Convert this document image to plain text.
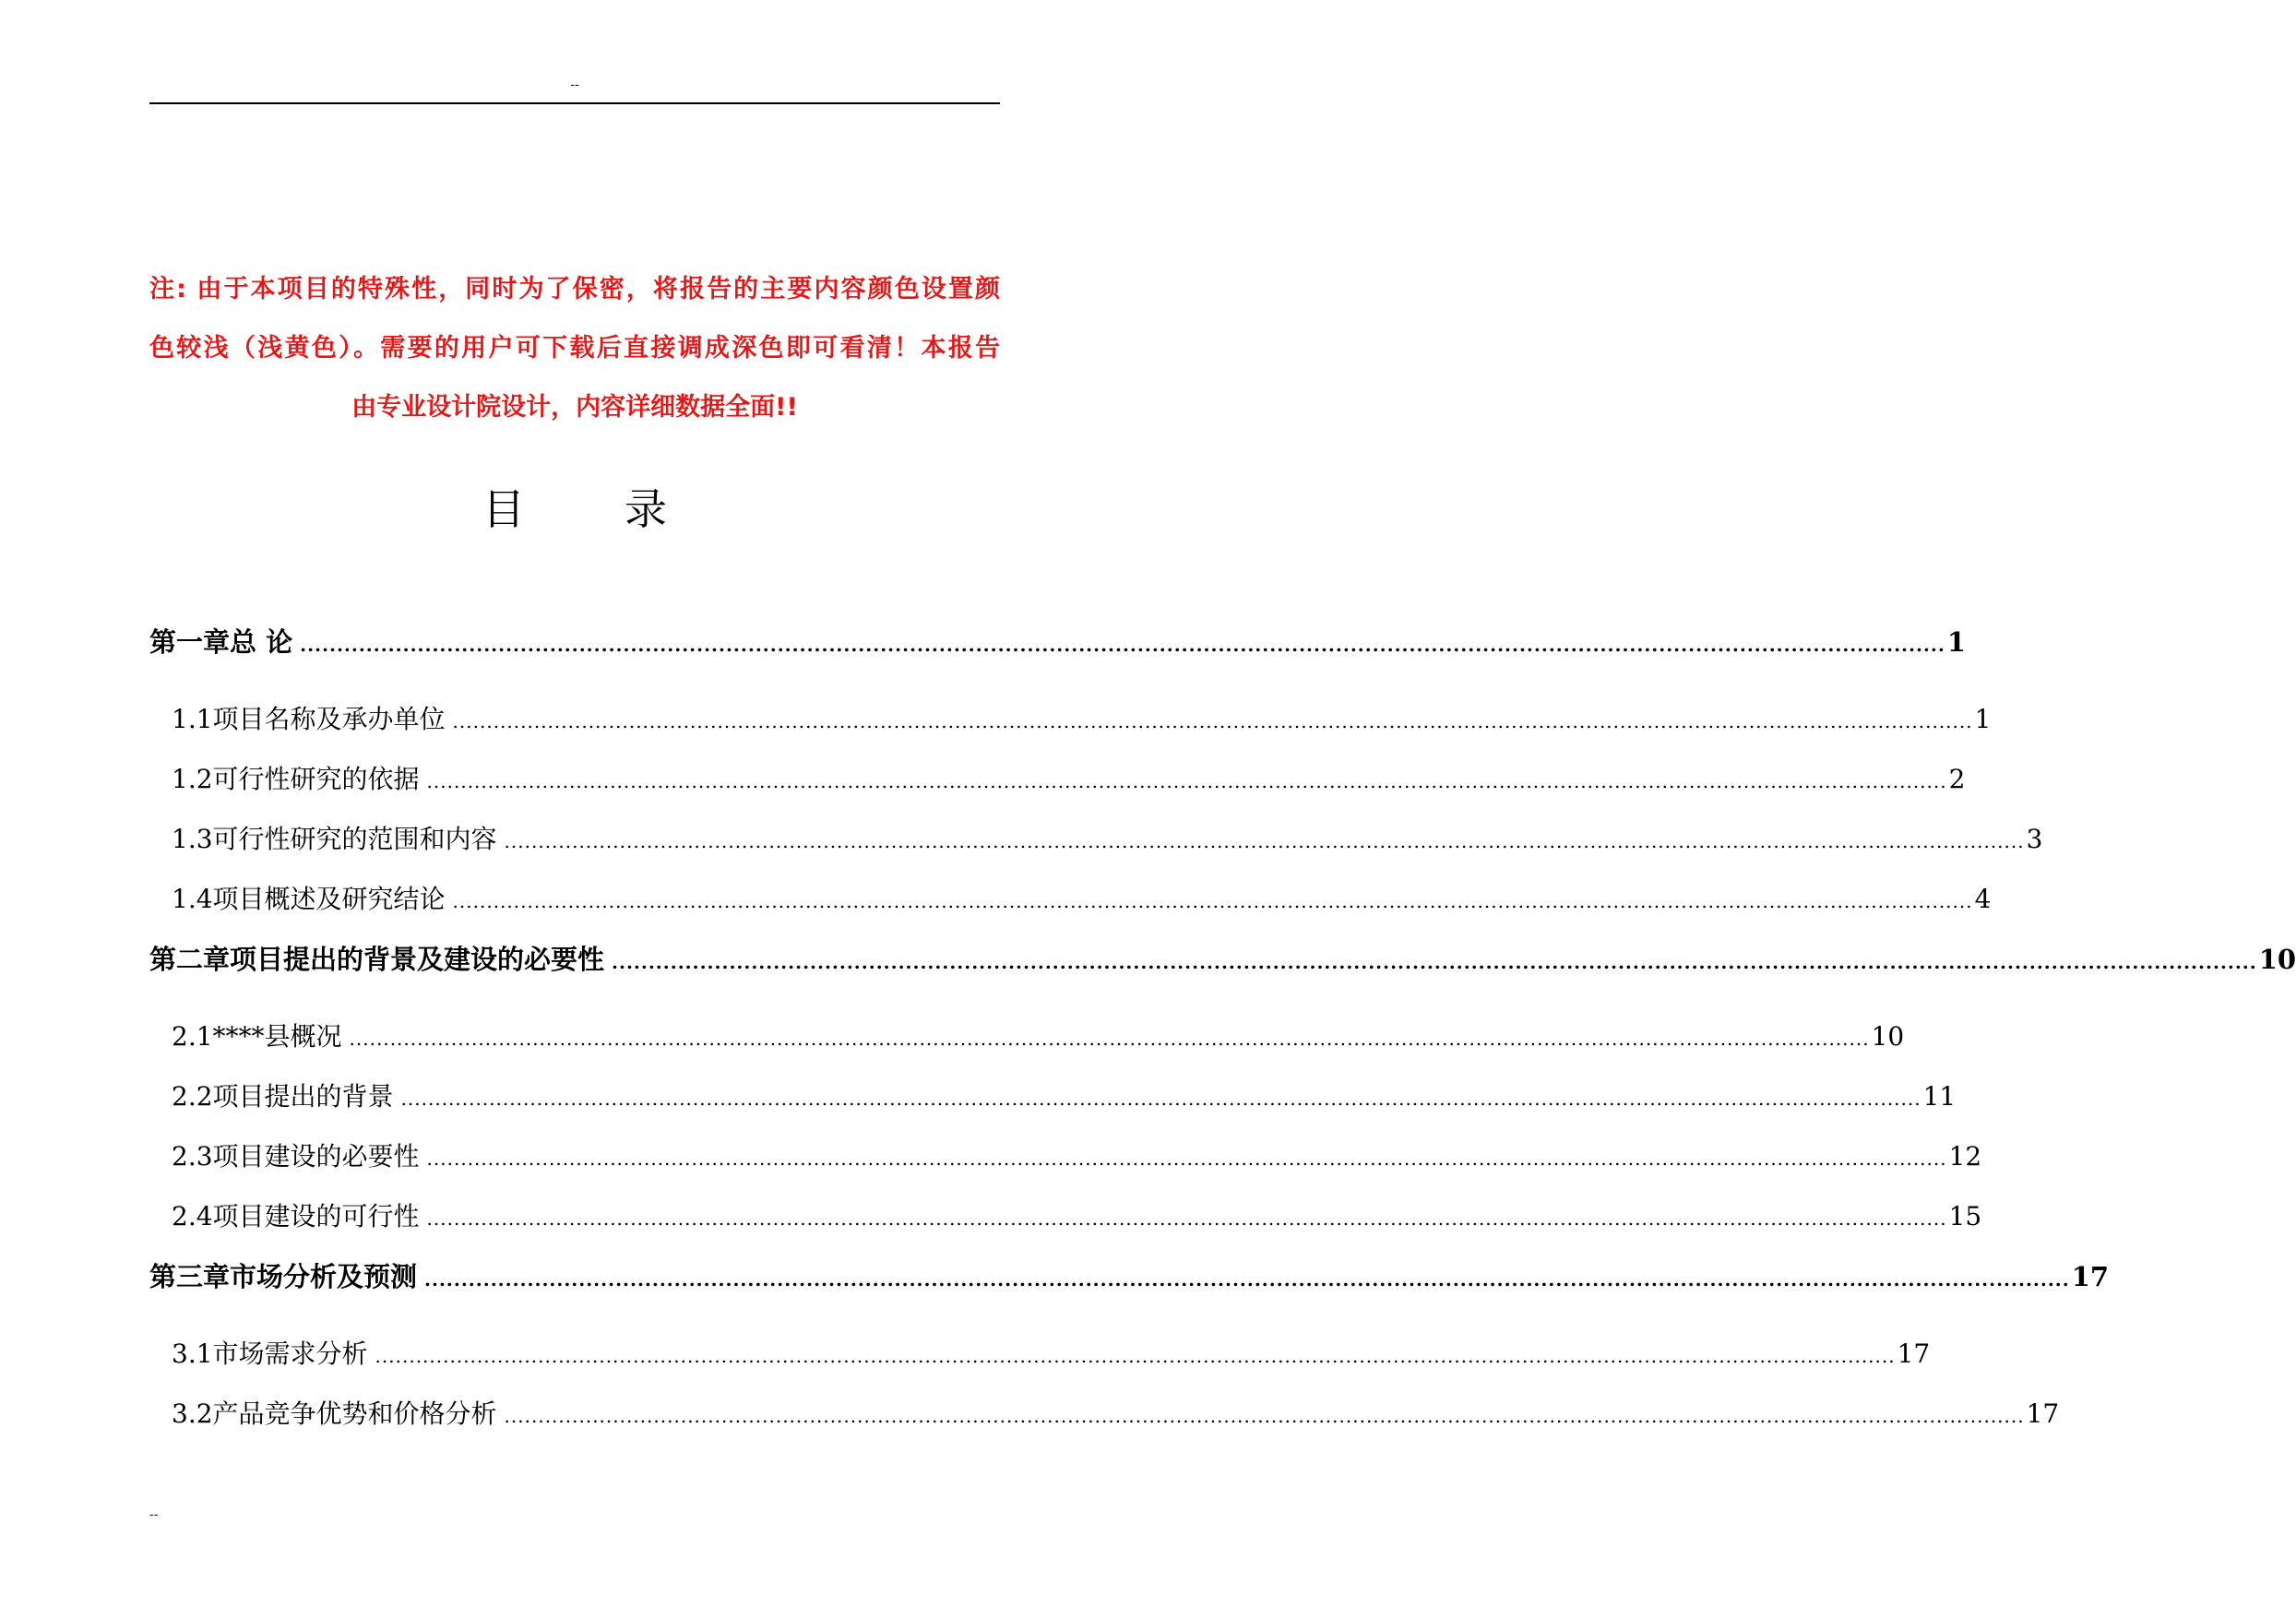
--
注: 由于本项目的特殊性，同时为了保密，将报告的主要内容颜色设置颜
色较浅（浅黄色）。需要的用户可下载后直接调成深色即可看清！本报告
由专业设计院设计，内容详细数据全面!!
目 录
第一章 总 论 ................................................................................................................................................................................................................................ 1
1.1 项目名称及承办单位 ................................................................................................................................................................................................................................ 1
1.2 可行性研究的依据 ................................................................................................................................................................................................................................ 2
1.3 可行性研究的范围和内容 ................................................................................................................................................................................................................................ 3
1.4 项目概述及研究结论 ................................................................................................................................................................................................................................ 4
第二章 项目提出的背景及建设的必要性 ................................................................................................................................................................................................................................ 10
2.1 ****县概况 ................................................................................................................................................................................................................................ 10
2.2 项目提出的背景 ................................................................................................................................................................................................................................ 11
2.3 项目建设的必要性 ................................................................................................................................................................................................................................ 12
2.4 项目建设的可行性 ................................................................................................................................................................................................................................ 15
第三章 市场分析及预测 ................................................................................................................................................................................................................................ 17
3.1 市场需求分析 ................................................................................................................................................................................................................................ 17
3.2 产品竞争优势和价格分析 ................................................................................................................................................................................................................................ 17
--
